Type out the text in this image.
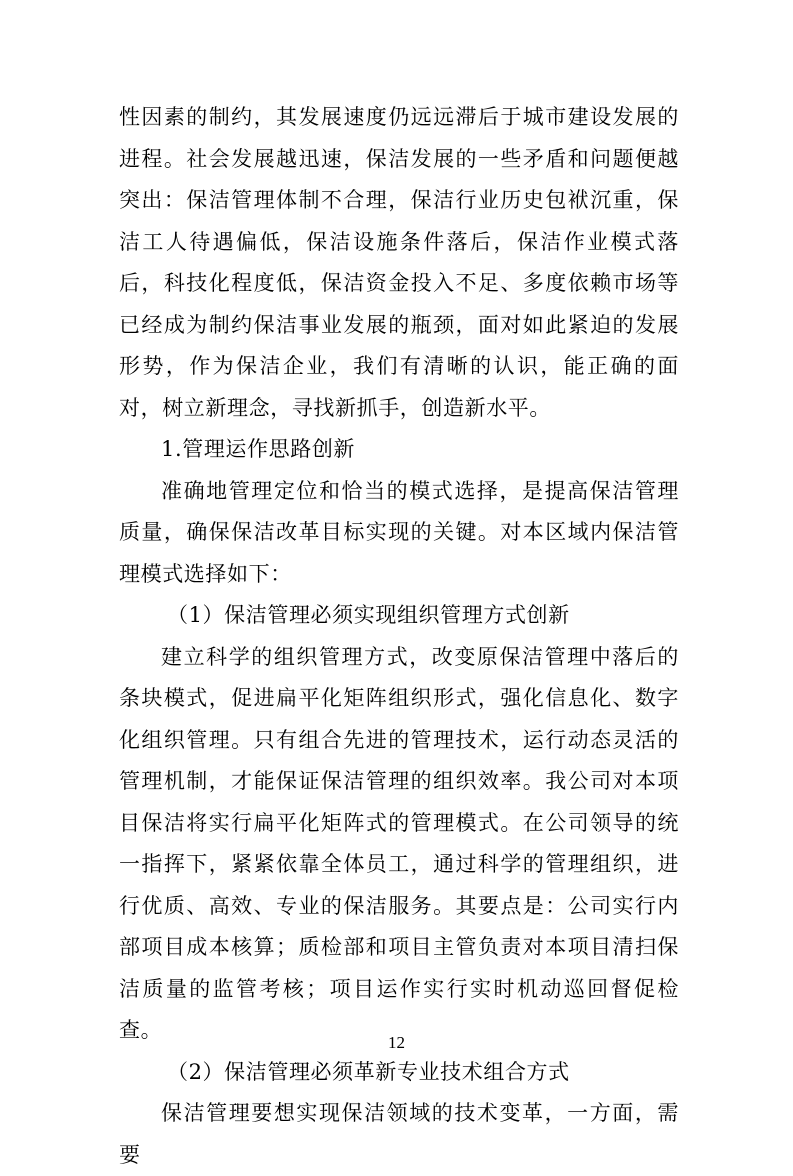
性因素的制约，其发展速度仍远远滞后于城市建设发展的进程。社会发展越迅速，保洁发展的一些矛盾和问题便越突出：保洁管理体制不合理，保洁行业历史包袱沉重，保洁工人待遇偏低，保洁设施条件落后，保洁作业模式落后，科技化程度低，保洁资金投入不足、多度依赖市场等已经成为制约保洁事业发展的瓶颈，面对如此紧迫的发展形势，作为保洁企业，我们有清晰的认识，能正确的面对，树立新理念，寻找新抓手，创造新水平。

1.管理运作思路创新

准确地管理定位和恰当的模式选择，是提高保洁管理质量，确保保洁改革目标实现的关键。对本区域内保洁管理模式选择如下：

（1）保洁管理必须实现组织管理方式创新

建立科学的组织管理方式，改变原保洁管理中落后的条块模式，促进扁平化矩阵组织形式，强化信息化、数字化组织管理。只有组合先进的管理技术，运行动态灵活的管理机制，才能保证保洁管理的组织效率。我公司对本项目保洁将实行扁平化矩阵式的管理模式。在公司领导的统一指挥下，紧紧依靠全体员工，通过科学的管理组织，进行优质、高效、专业的保洁服务。其要点是：公司实行内部项目成本核算；质检部和项目主管负责对本项目清扫保洁质量的监管考核；项目运作实行实时机动巡回督促检查。

（2）保洁管理必须革新专业技术组合方式

保洁管理要想实现保洁领域的技术变革，一方面，需要

12
